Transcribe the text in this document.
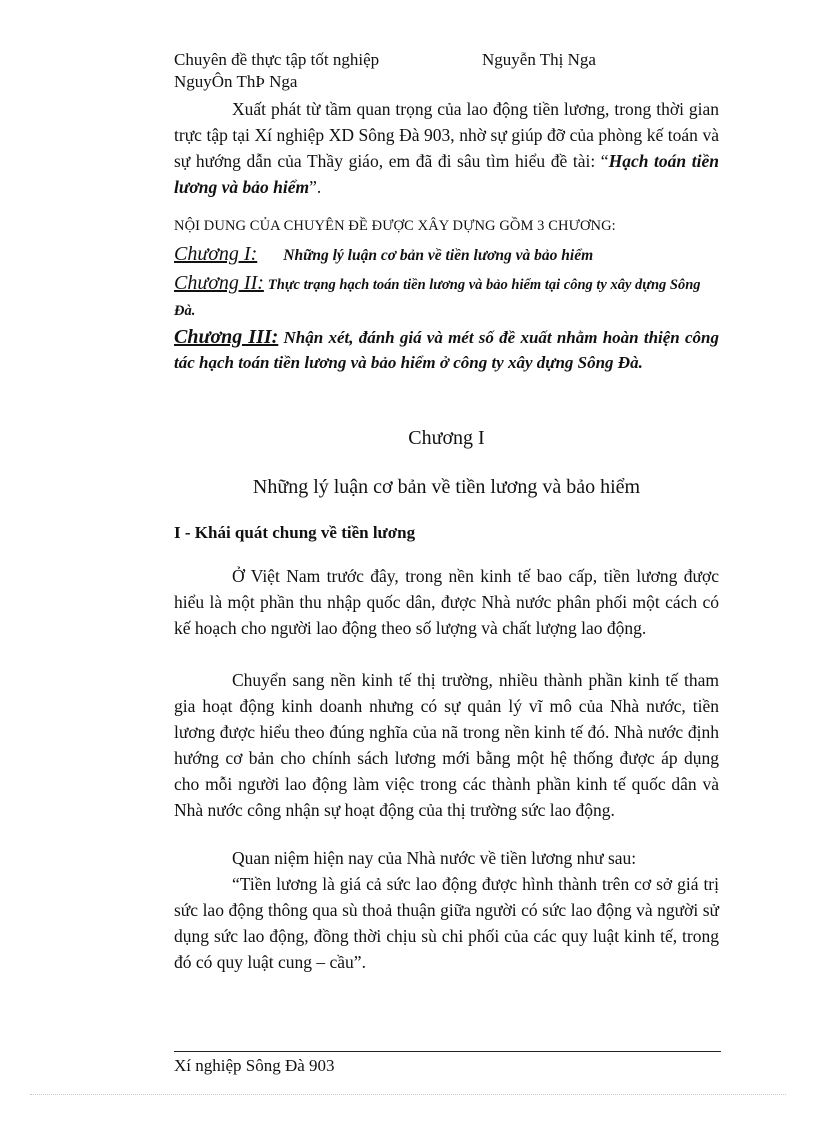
Chuyên đề thực tập tốt nghiệp	Nguyễn Thị Nga
NguyÔn ThÞ Nga
Xuất phát từ tầm quan trọng của lao động tiền lương, trong thời gian trực tập tại Xí nghiệp XD Sông Đà 903, nhờ sự giúp đỡ của phòng kế toán và sự hướng dẫn của Thầy giáo, em đã đi sâu tìm hiểu đề tài: “Hạch toán tiền lương và bảo hiểm”.
NỘI DUNG CỦA CHUYÊN ĐỀ ĐƯỢC XÂY DỰNG GỒM 3 CHƯƠNG:
Chương I: Những lý luận cơ bản về tiền lương và bảo hiểm
Chương II: Thực trạng hạch toán tiền lương và bảo hiểm tại công ty xây dựng Sông Đà.
Chương III: Nhận xét, đánh giá và mét số đề xuất nhằm hoàn thiện công tác hạch toán tiền lương và bảo hiểm ở công ty xây dựng Sông Đà.
Chương I
Những lý luận cơ bản về tiền lương và bảo hiểm
I - Khái quát chung về tiền lương
Ở Việt Nam trước đây, trong nền kinh tế bao cấp, tiền lương được hiểu là một phần thu nhập quốc dân, được Nhà nước phân phối một cách có kế hoạch cho người lao động theo số lượng và chất lượng lao động.
Chuyển sang nền kinh tế thị trường, nhiều thành phần kinh tế tham gia hoạt động kinh doanh nhưng có sự quản lý vĩ mô của Nhà nước, tiền lương được hiểu theo đúng nghĩa của nã trong nền kinh tế đó. Nhà nước định hướng cơ bản cho chính sách lương mới bằng một hệ thống được áp dụng cho mỗi người lao động làm việc trong các thành phần kinh tế quốc dân và Nhà nước công nhận sự hoạt động của thị trường sức lao động.
Quan niệm hiện nay của Nhà nước về tiền lương như sau:
“Tiền lương là giá cả sức lao động được hình thành trên cơ sở giá trị sức lao động thông qua sù thoả thuận giữa người có sức lao động và người sử dụng sức lao động, đồng thời chịu sù chi phối của các quy luật kinh tế, trong đó có quy luật cung – cầu”.
Xí nghiệp Sông Đà 903
